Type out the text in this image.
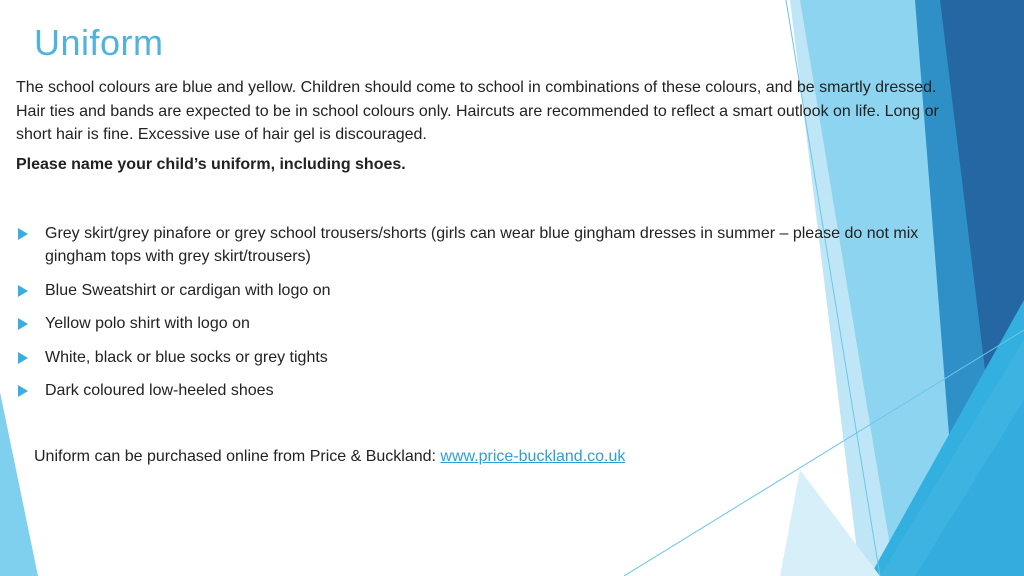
Uniform

The school colours are blue and yellow. Children should come to school in combinations of these colours, and be smartly dressed. Hair ties and bands are expected to be in school colours only. Haircuts are recommended to reflect a smart outlook on life. Long or short hair is fine. Excessive use of hair gel is discouraged.

Please name your child’s uniform, including shoes.

Grey skirt/grey pinafore or grey school trousers/shorts (girls can wear blue gingham dresses in summer – please do not mix gingham tops with grey skirt/trousers)
Blue Sweatshirt or cardigan with logo on
Yellow polo shirt with logo on
White, black or blue socks or grey tights
Dark coloured low-heeled shoes

Uniform can be purchased online from Price & Buckland: www.price-buckland.co.uk
